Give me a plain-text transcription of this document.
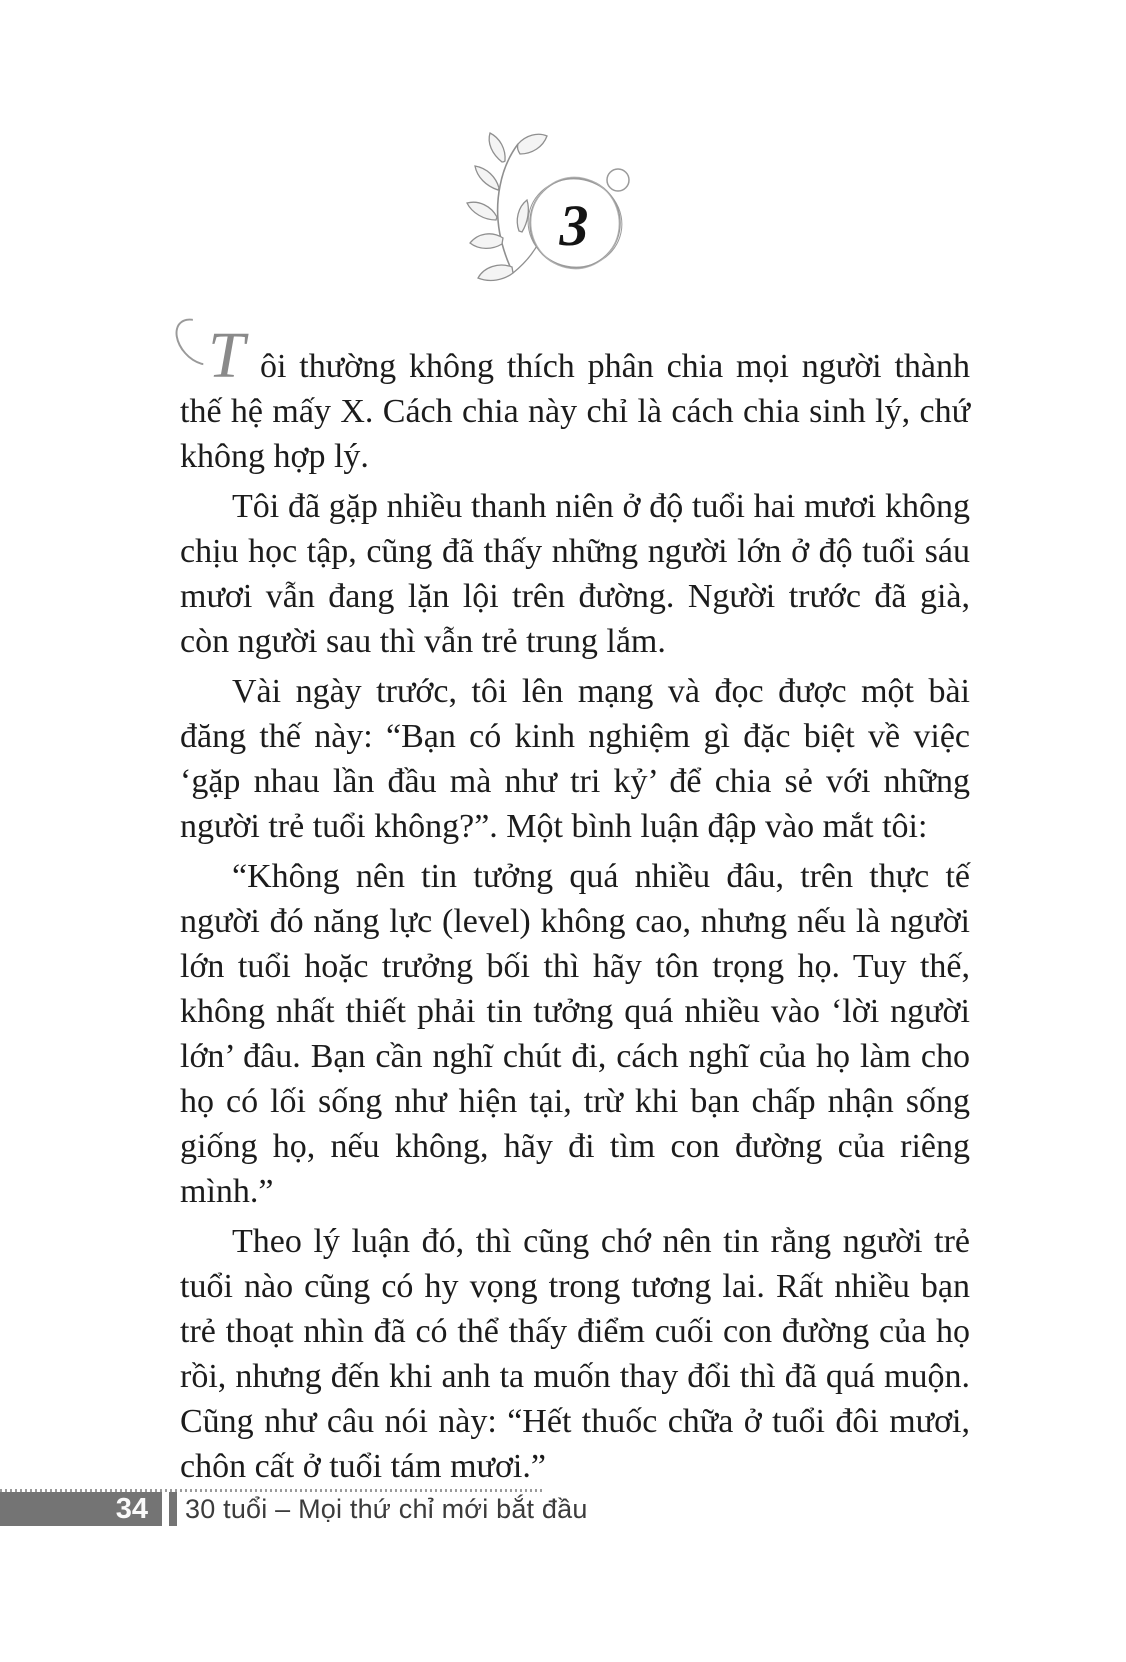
3

Tôi thường không thích phân chia mọi người thành thế hệ mấy X. Cách chia này chỉ là cách chia sinh lý, chứ không hợp lý.

Tôi đã gặp nhiều thanh niên ở độ tuổi hai mươi không chịu học tập, cũng đã thấy những người lớn ở độ tuổi sáu mươi vẫn đang lặn lội trên đường. Người trước đã già, còn người sau thì vẫn trẻ trung lắm.

Vài ngày trước, tôi lên mạng và đọc được một bài đăng thế này: “Bạn có kinh nghiệm gì đặc biệt về việc ‘gặp nhau lần đầu mà như tri kỷ’ để chia sẻ với những người trẻ tuổi không?”. Một bình luận đập vào mắt tôi:

“Không nên tin tưởng quá nhiều đâu, trên thực tế người đó năng lực (level) không cao, nhưng nếu là người lớn tuổi hoặc trưởng bối thì hãy tôn trọng họ. Tuy thế, không nhất thiết phải tin tưởng quá nhiều vào ‘lời người lớn’ đâu. Bạn cần nghĩ chút đi, cách nghĩ của họ làm cho họ có lối sống như hiện tại, trừ khi bạn chấp nhận sống giống họ, nếu không, hãy đi tìm con đường của riêng mình.”

Theo lý luận đó, thì cũng chớ nên tin rằng người trẻ tuổi nào cũng có hy vọng trong tương lai. Rất nhiều bạn trẻ thoạt nhìn đã có thể thấy điểm cuối con đường của họ rồi, nhưng đến khi anh ta muốn thay đổi thì đã quá muộn. Cũng như câu nói này: “Hết thuốc chữa ở tuổi đôi mươi, chôn cất ở tuổi tám mươi.”

34	30 tuổi – Mọi thứ chỉ mới bắt đầu
